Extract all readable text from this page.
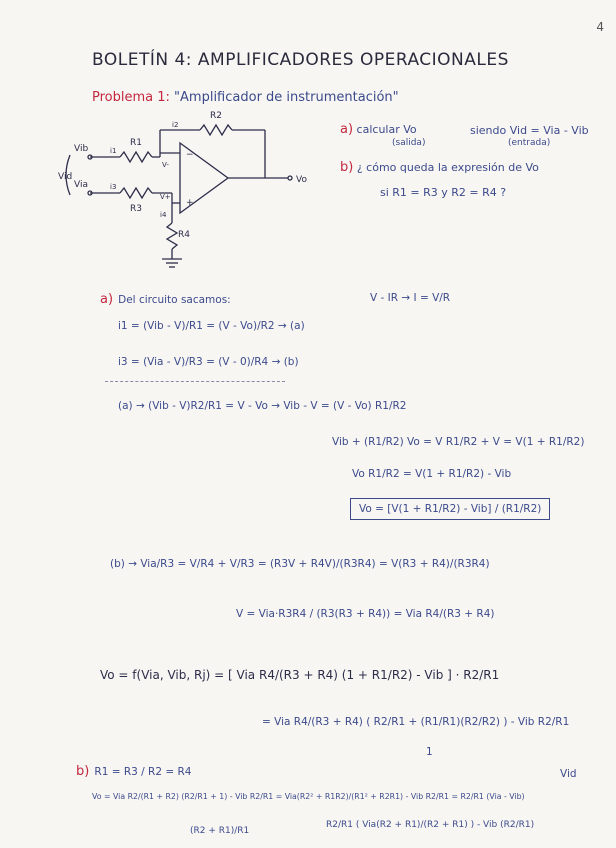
4
BOLETÍN 4: AMPLIFICADORES OPERACIONALES
Problema 1: "Amplificador de instrumentación"
−
+
Vib
Via
Vid
R1
R2
R3
R4
Vo
i1
i2
i3
i4
V-
V+
a) calcular Vo	siendo Vid = Via - Vib
(salida)	(entrada)
b) ¿ cómo queda la expresión de Vo
si R1 = R3 y R2 = R4 ?
a) Del circuito sacamos:	V - IR → I = V/R
i1 = (Vib - V)/R1 = (V - Vo)/R2 → (a)
i3 = (Via - V)/R3 = (V - 0)/R4 → (b)
(a) → (Vib - V)R2/R1 = V - Vo → Vib - V = (V - Vo) R1/R2
Vib + (R1/R2) Vo = V R1/R2 + V = V(1 + R1/R2)
Vo R1/R2 = V(1 + R1/R2) - Vib
Vo = [V(1 + R1/R2) - Vib] / (R1/R2)
(b) → Via/R3 = V/R4 + V/R3 = (R3V + R4V)/(R3R4) = V(R3 + R4)/(R3R4)
V = Via·R3R4 / (R3(R3 + R4)) = Via R4/(R3 + R4)
Vo = f(Via, Vib, Rj) = [ Via R4/(R3 + R4) (1 + R1/R2) - Vib ] · R2/R1
= Via R4/(R3 + R4) ( R2/R1 + (R1/R1)(R2/R2) ) - Vib R2/R1
1
b) R1 = R3 / R2 = R4	Vid
Vo = Via R2/(R1 + R2) (R2/R1 + 1) - Vib R2/R1 = Via(R2² + R1R2)/(R1² + R2R1) - Vib R2/R1 = R2/R1 (Via - Vib)
(R2 + R1)/R1
R2/R1 ( Via(R2 + R1)/(R2 + R1) ) - Vib (R2/R1)
